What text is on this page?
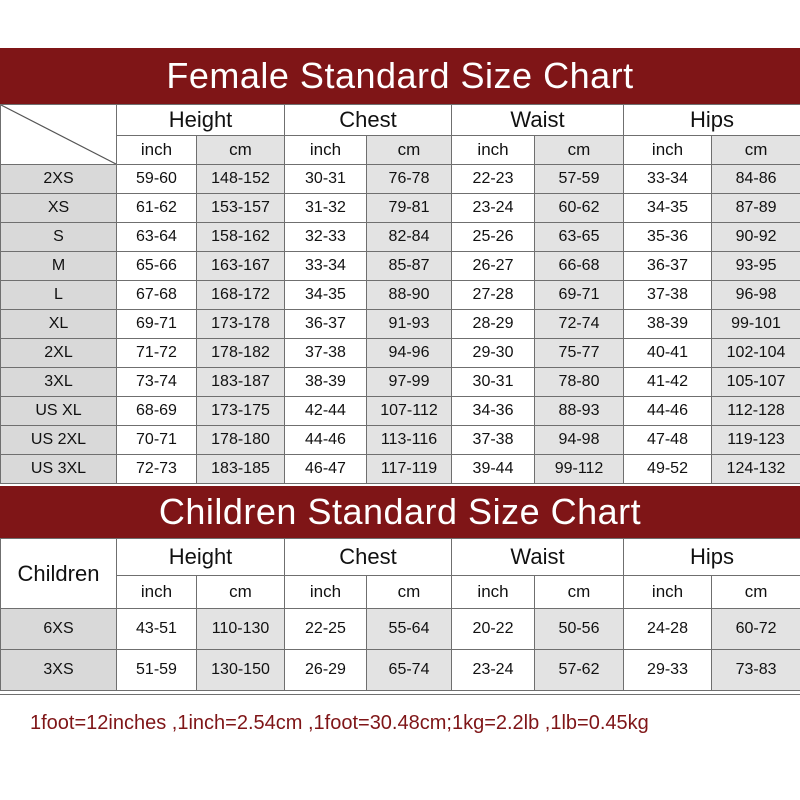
Female Standard Size Chart
	Height		Chest		Waist		Hips	
	inch	cm	inch	cm	inch	cm	inch	cm
2XS	59-60	148-152	30-31	76-78	22-23	57-59	33-34	84-86
XS	61-62	153-157	31-32	79-81	23-24	60-62	34-35	87-89
S	63-64	158-162	32-33	82-84	25-26	63-65	35-36	90-92
M	65-66	163-167	33-34	85-87	26-27	66-68	36-37	93-95
L	67-68	168-172	34-35	88-90	27-28	69-71	37-38	96-98
XL	69-71	173-178	36-37	91-93	28-29	72-74	38-39	99-101
2XL	71-72	178-182	37-38	94-96	29-30	75-77	40-41	102-104
3XL	73-74	183-187	38-39	97-99	30-31	78-80	41-42	105-107
US XL	68-69	173-175	42-44	107-112	34-36	88-93	44-46	112-128
US 2XL	70-71	178-180	44-46	113-116	37-38	94-98	47-48	119-123
US 3XL	72-73	183-185	46-47	117-119	39-44	99-112	49-52	124-132
Children Standard Size Chart
Children	Height		Chest		Waist		Hips	
	inch	cm	inch	cm	inch	cm	inch	cm
6XS	43-51	110-130	22-25	55-64	20-22	50-56	24-28	60-72
3XS	51-59	130-150	26-29	65-74	23-24	57-62	29-33	73-83
1foot=12inches ,1inch=2.54cm ,1foot=30.48cm;1kg=2.2lb ,1lb=0.45kg
